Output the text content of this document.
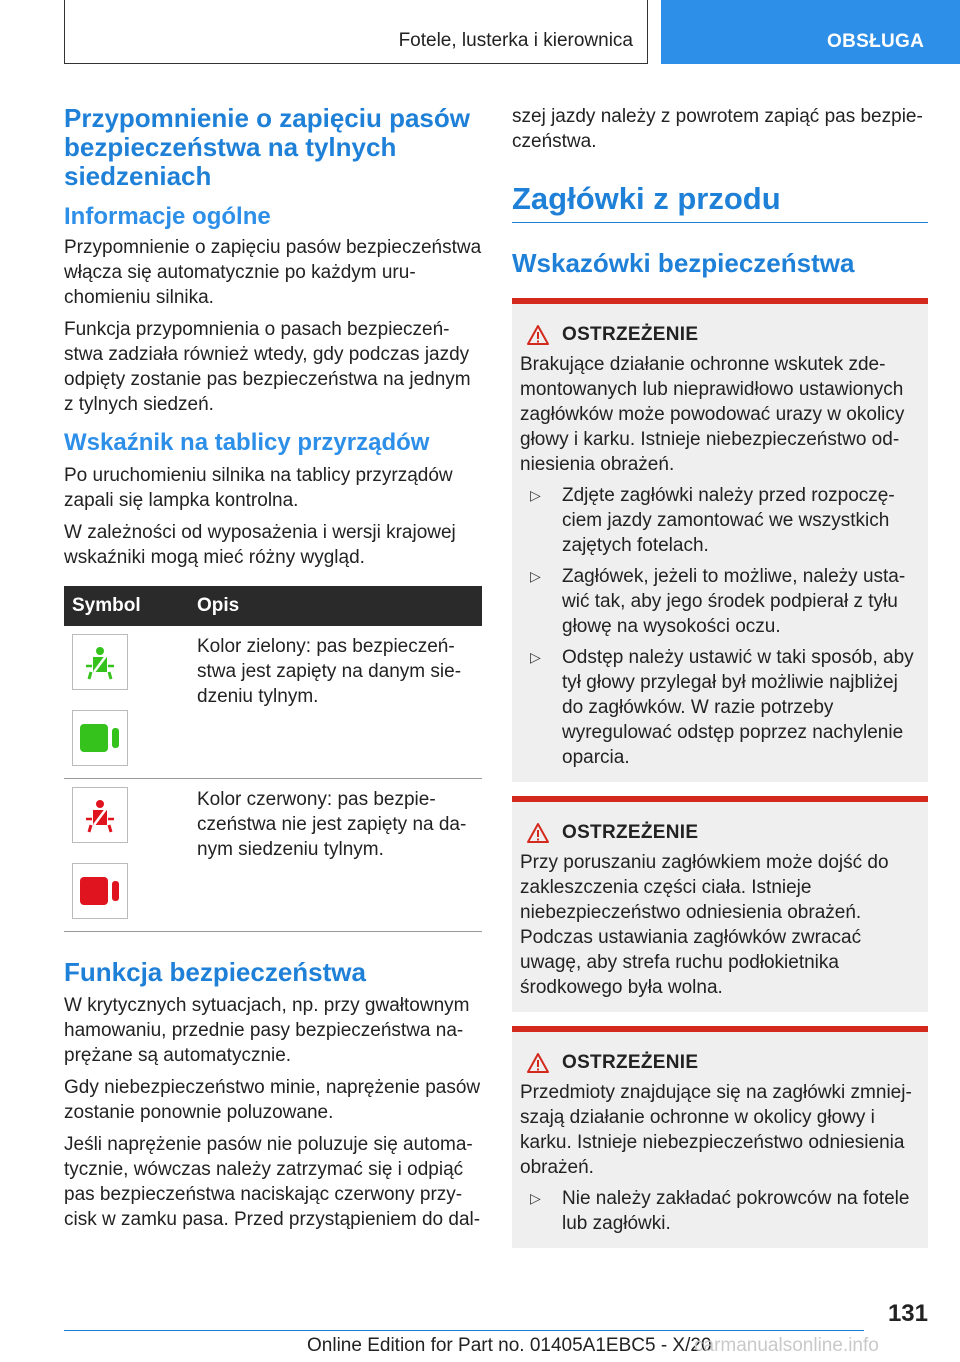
Fotele, lusterka i kierownica	OBSŁUGA
Przypomnienie o zapięciu pasów bezpieczeństwa na tylnych siedzeniach
Informacje ogólne

Przypomnienie o zapięciu pasów bezpieczeństwa włącza się automatycznie po każdym uruchomieniu silnika.

Funkcja przypomnienia o pasach bezpieczeństwa zadziała również wtedy, gdy podczas jazdy odpięty zostanie pas bezpieczeństwa na jednym z tylnych siedzeń.

Wskaźnik na tablicy przyrządów

Po uruchomieniu silnika na tablicy przyrządów zapali się lampka kontrolna.

W zależności od wyposażenia i wersji krajowej wskaźniki mogą mieć różny wygląd.

Symbol	Opis

	Kolor zielony: pas bezpieczeństwa jest zapięty na danym siedzeniu tylnym.

	Kolor czerwony: pas bezpieczeństwa nie jest zapięty na danym siedzeniu tylnym.
Funkcja bezpieczeństwa

W krytycznych sytuacjach, np. przy gwałtownym hamowaniu, przednie pasy bezpieczeństwa naprężane są automatycznie.

Gdy niebezpieczeństwo minie, naprężenie pasów zostanie ponownie poluzowane.

Jeśli naprężenie pasów nie poluzuje się automatycznie, wówczas należy zatrzymać się i odpiąć pas bezpieczeństwa naciskając czerwony przycisk w zamku pasa. Przed przystąpieniem do dal-

szej jazdy należy z powrotem zapiąć pas bezpieczeństwa.

Zagłówki z przodu
Wskazówki bezpieczeństwa
OSTRZEŻENIE

Brakujące działanie ochronne wskutek zdemontowanych lub nieprawidłowo ustawionych zagłówków może powodować urazy w okolicy głowy i karku. Istnieje niebezpieczeństwo odniesienia obrażeń.

▷	Zdjęte zagłówki należy przed rozpoczęciem jazdy zamontować we wszystkich zajętych fotelach.
▷	Zagłówek, jeżeli to możliwe, należy ustawić tak, aby jego środek podpierał z tyłu głowę na wysokości oczu.
▷	Odstęp należy ustawić w taki sposób, aby tył głowy przylegał był możliwie najbliżej do zagłówków. W razie potrzeby wyregulować odstęp poprzez nachylenie oparcia.
OSTRZEŻENIE

Przy poruszaniu zagłówkiem może dojść do zakleszczenia części ciała. Istnieje niebezpieczeństwo odniesienia obrażeń. Podczas ustawiania zagłówków zwracać uwagę, aby strefa ruchu podłokietnika środkowego była wolna.

OSTRZEŻENIE

Przedmioty znajdujące się na zagłówki zmniejszają działanie ochronne w okolicy głowy i karku. Istnieje niebezpieczeństwo odniesienia obrażeń.

▷	Nie należy zakładać pokrowców na fotele lub zagłówki.
131
Online Edition for Part no. 01405A1EBC5 - X/20
carmanualsonline.info
